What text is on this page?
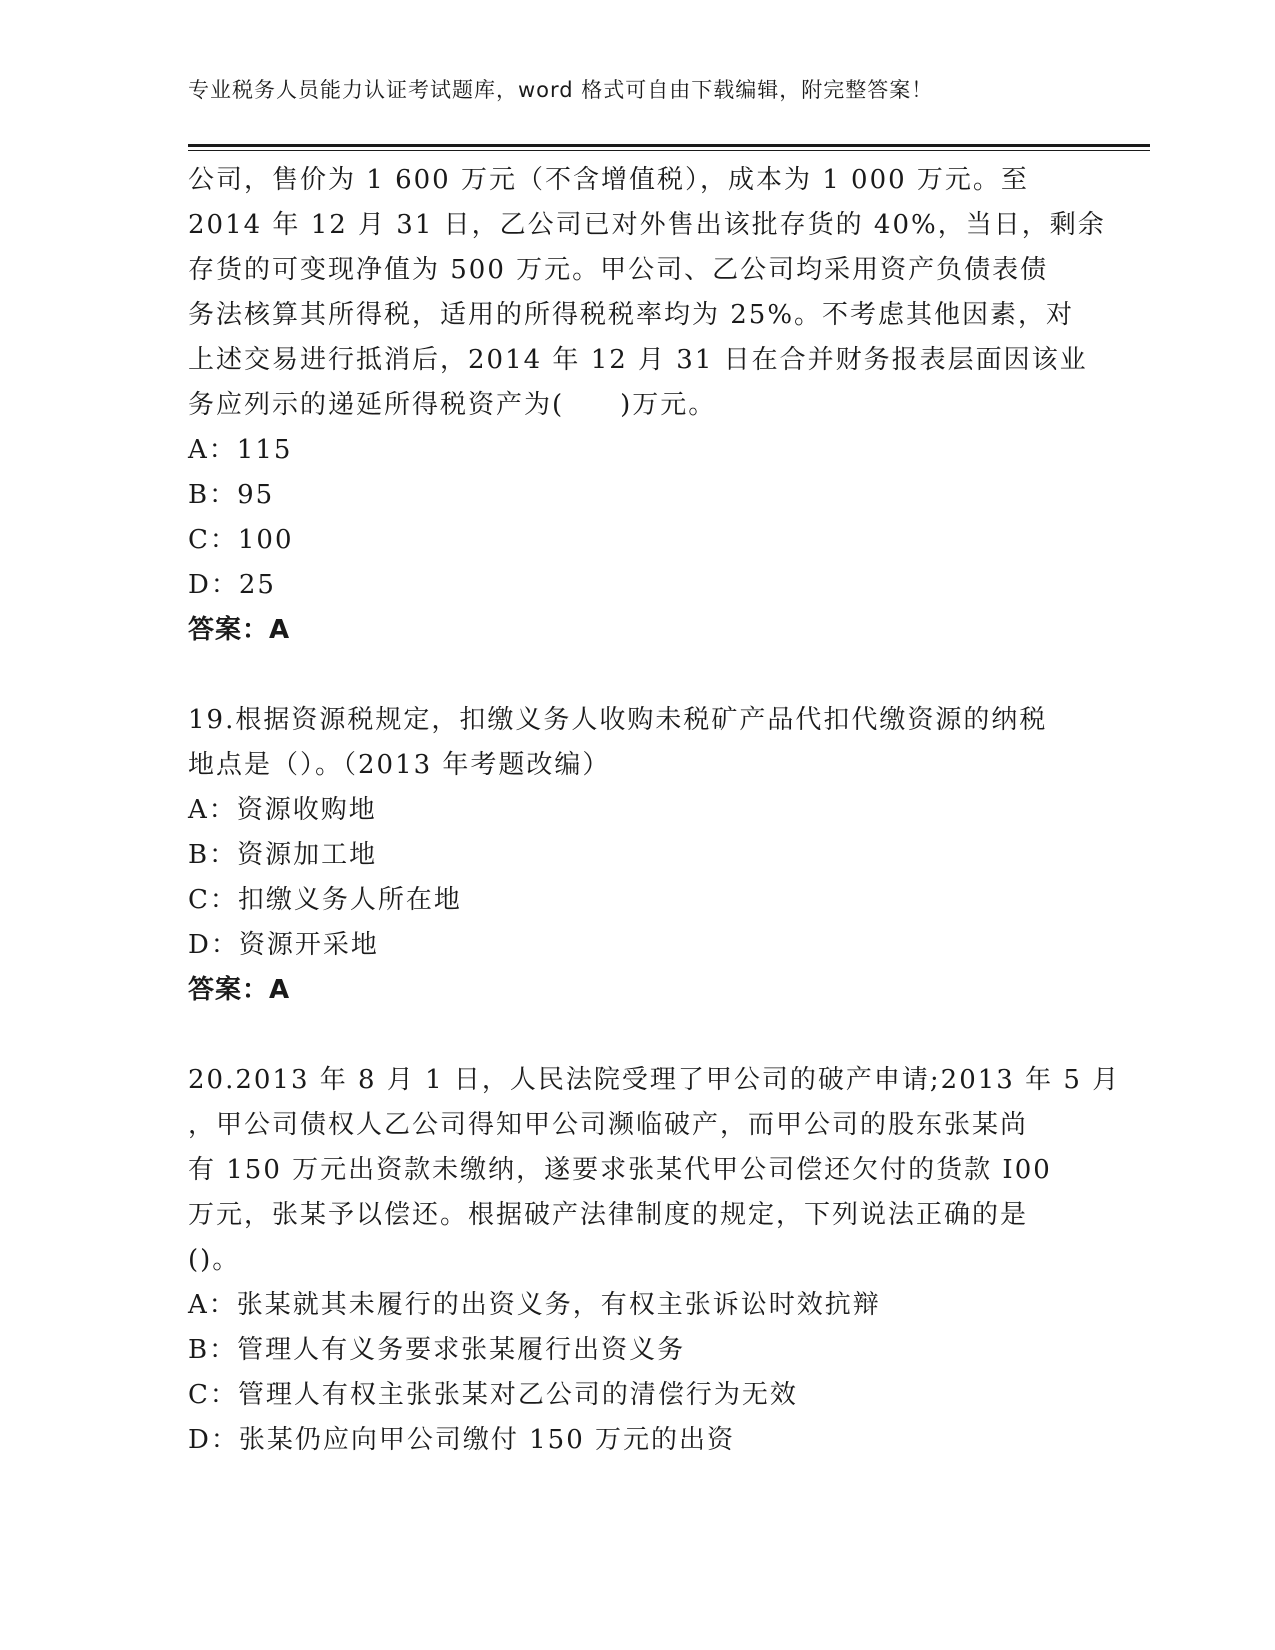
专业税务人员能力认证考试题库，word 格式可自由下载编辑，附完整答案！
公司，售价为 1 600 万元（不含增值税），成本为 1 000 万元。至
2014 年 12 月 31 日，乙公司已对外售出该批存货的 40%，当日，剩余
存货的可变现净值为 500 万元。甲公司、乙公司均采用资产负债表债
务法核算其所得税，适用的所得税税率均为 25%。不考虑其他因素，对
上述交易进行抵消后，2014 年 12 月 31 日在合并财务报表层面因该业
务应列示的递延所得税资产为(　　)万元。
A：115
B：95
C：100
D：25
答案：A
19.根据资源税规定，扣缴义务人收购未税矿产品代扣代缴资源的纳税
地点是（）。（2013 年考题改编）
A：资源收购地
B：资源加工地
C：扣缴义务人所在地
D：资源开采地
答案：A
20.2013 年 8 月 1 日，人民法院受理了甲公司的破产申请;2013 年 5 月
，甲公司债权人乙公司得知甲公司濒临破产，而甲公司的股东张某尚
有 150 万元出资款未缴纳，遂要求张某代甲公司偿还欠付的货款 I00
万元，张某予以偿还。根据破产法律制度的规定，下列说法正确的是
()。
A：张某就其未履行的出资义务，有权主张诉讼时效抗辩
B：管理人有义务要求张某履行出资义务
C：管理人有权主张张某对乙公司的清偿行为无效
D：张某仍应向甲公司缴付 150 万元的出资
